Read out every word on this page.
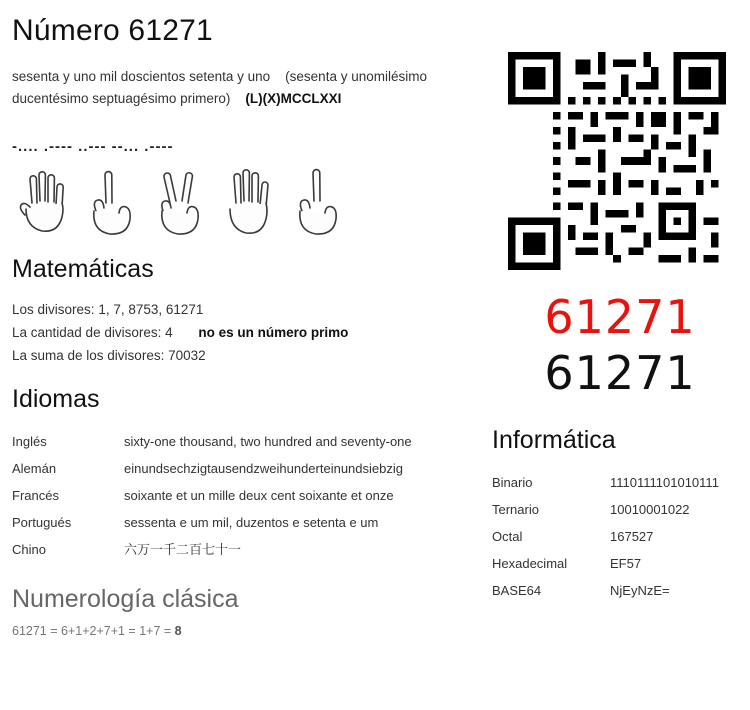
Número 61271
sesenta y uno mil doscientos setenta y uno (sesenta y unomilésimo ducentésimo septuagésimo primero) (L)(X)MCCLXXI
-.... .---- ..--- --... .----
Matemáticas
Los divisores: 1, 7, 8753, 61271
La cantidad de divisores: 4 no es un número primo
La suma de los divisores: 70032
Idiomas
Inglés	sixty-one thousand, two hundred and seventy-one
Alemán	einundsechzigtausendzweihunderteinundsiebzig
Francés	soixante et un mille deux cent soixante et onze
Portugués	sessenta e um mil, duzentos e setenta e um
Chino	六万一千二百七十一
Numerología clásica
61271 = 6+1+2+7+1 = 1+7 = 8
61271
61271
Informática
Binario	1110111101010111
Ternario	10010001022
Octal	167527
Hexadecimal	EF57
BASE64	NjEyNzE=
